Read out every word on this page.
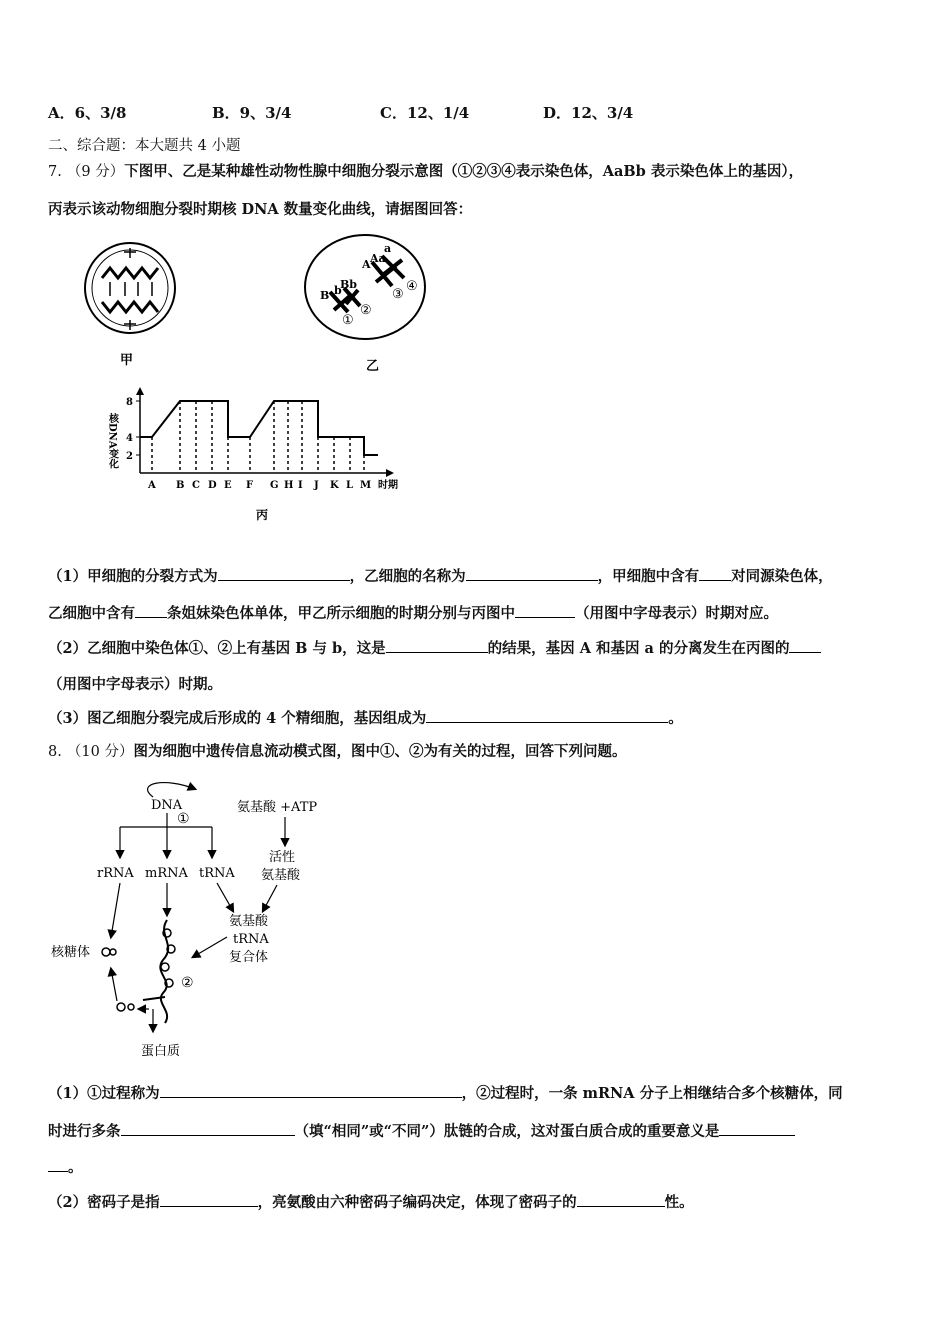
A．6、3/8	B．9、3/4	C．12、1/4	D．12、3/4
二、综合题：本大题共 4 小题
7. （9 分）下图甲、乙是某种雄性动物性腺中细胞分裂示意图（①②③④表示染色体，AaBb 表示染色体上的基因），
丙表示该动物细胞分裂时期核 DNA 数量变化曲线，请据图回答：
甲
B b
Bb
A Aa
a
①
②
③
④
乙
核DNA变化 2
4
8
A B C D E F G H I J K L M 时期
丙
（1）甲细胞的分裂方式为	，乙细胞的名称为	，甲细胞中含有 对同源染色体，
乙细胞中含有 条姐妹染色体单体，甲乙所示细胞的时期分别与丙图中	（用图中字母表示）时期对应。
（2）乙细胞中染色体①、②上有基因 B 与 b，这是	的结果，基因 A 和基因 a 的分离发生在丙图的
（用图中字母表示）时期。
（3）图乙细胞分裂完成后形成的 4 个精细胞，基因组成为	。
8. （10 分）图为细胞中遗传信息流动模式图，图中①、②为有关的过程，回答下列问题。
DNA
①
rRNA mRNA tRNA
氨基酸 +ATP
活性
氨基酸
氨基酸
tRNA
复合体
②
核糖体
蛋白质
（1）①过程称为	，②过程时，一条 mRNA 分子上相继结合多个核糖体，同
时进行多条	（填“相同”或“不同”）肽链的合成，这对蛋白质合成的重要意义是
。
（2）密码子是指	，亮氨酸由六种密码子编码决定，体现了密码子的	性。
